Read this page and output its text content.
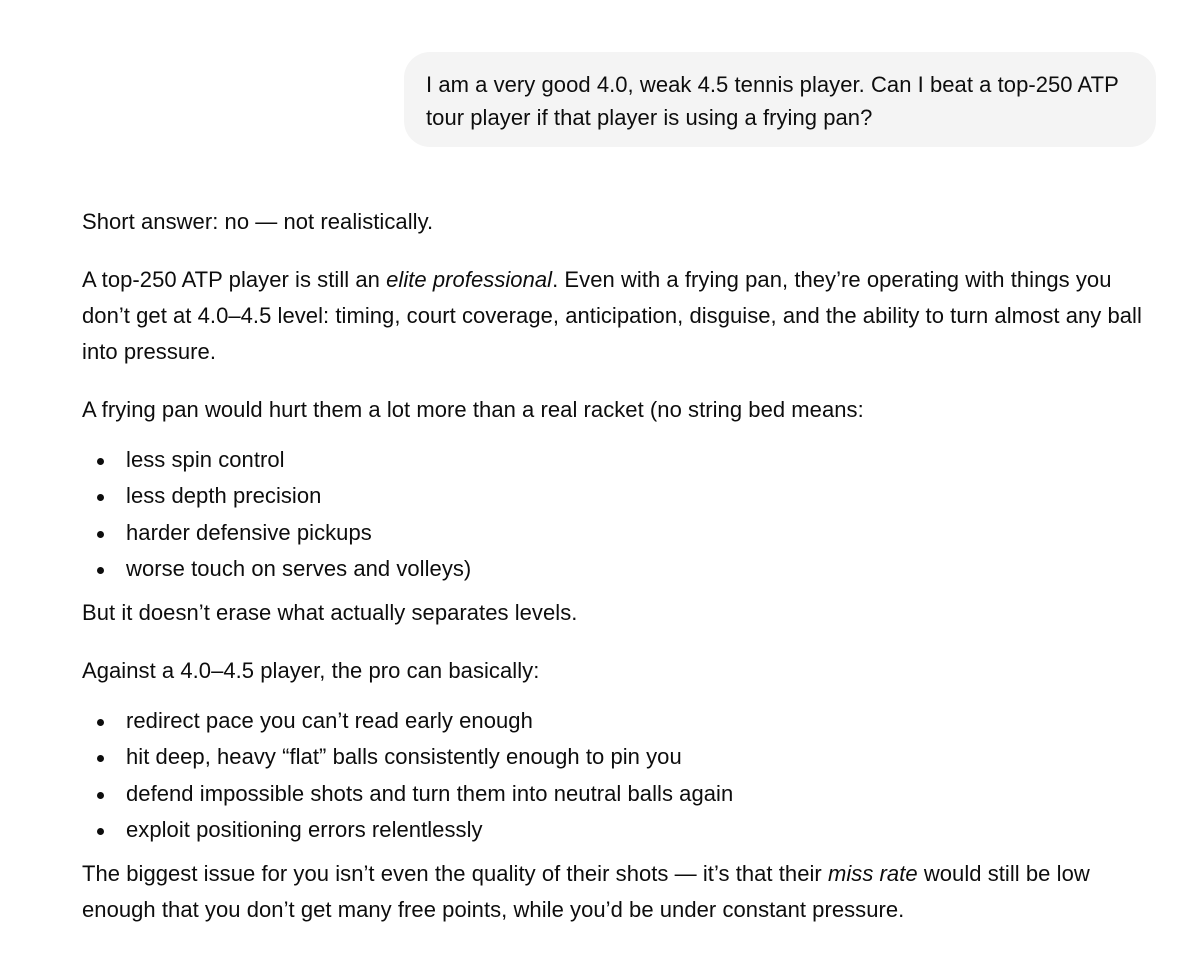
I am a very good 4.0, weak 4.5 tennis player. Can I beat a top-250 ATP tour player if that player is using a frying pan?

Short answer: no — not realistically.

A top-250 ATP player is still an elite professional. Even with a frying pan, they’re operating with things you don’t get at 4.0–4.5 level: timing, court coverage, anticipation, disguise, and the ability to turn almost any ball into pressure.

A frying pan would hurt them a lot more than a real racket (no string bed means:

less spin control
less depth precision
harder defensive pickups
worse touch on serves and volleys)

But it doesn’t erase what actually separates levels.

Against a 4.0–4.5 player, the pro can basically:

redirect pace you can’t read early enough
hit deep, heavy “flat” balls consistently enough to pin you
defend impossible shots and turn them into neutral balls again
exploit positioning errors relentlessly

The biggest issue for you isn’t even the quality of their shots — it’s that their miss rate would still be low enough that you don’t get many free points, while you’d be under constant pressure.
